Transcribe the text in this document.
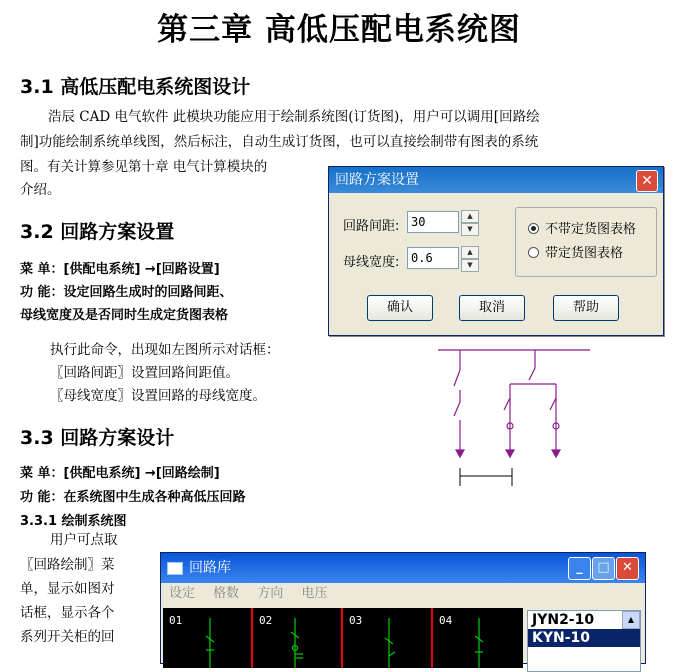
第三章 高低压配电系统图
3.1 高低压配电系统图设计
浩辰 CAD 电气软件 此模块功能应用于绘制系统图(订货图)，用户可以调用[回路绘
制]功能绘制系统单线图，然后标注，自动生成订货图，也可以直接绘制带有图表的系统
图。有关计算参见第十章 电气计算模块的
介绍。
3.2 回路方案设置
菜 单：[供配电系统] →[回路设置]
功 能：设定回路生成时的回路间距、
母线宽度及是否同时生成定货图表格
执行此命令，出现如左图所示对话框：
〖回路间距〗设置回路间距值。
〖母线宽度〗设置回路的母线宽度。
3.3 回路方案设计
菜 单：[供配电系统] →[回路绘制]
功 能：在系统图中生成各种高低压回路
3.3.1 绘制系统图
用户可点取
〖回路绘制〗菜
单，显示如图对
话框，显示各个
系列开关柜的回
回路方案设置	✕
回路间距: 30	▲
▼
母线宽度: 0.6	▲
▼
不带定货图表格
带定货图表格
确认	取消	帮助
回路库	_	□ ✕
设定 格数 方向 电压
01	02	03	04	JYN2-10
KYN-10
▲
